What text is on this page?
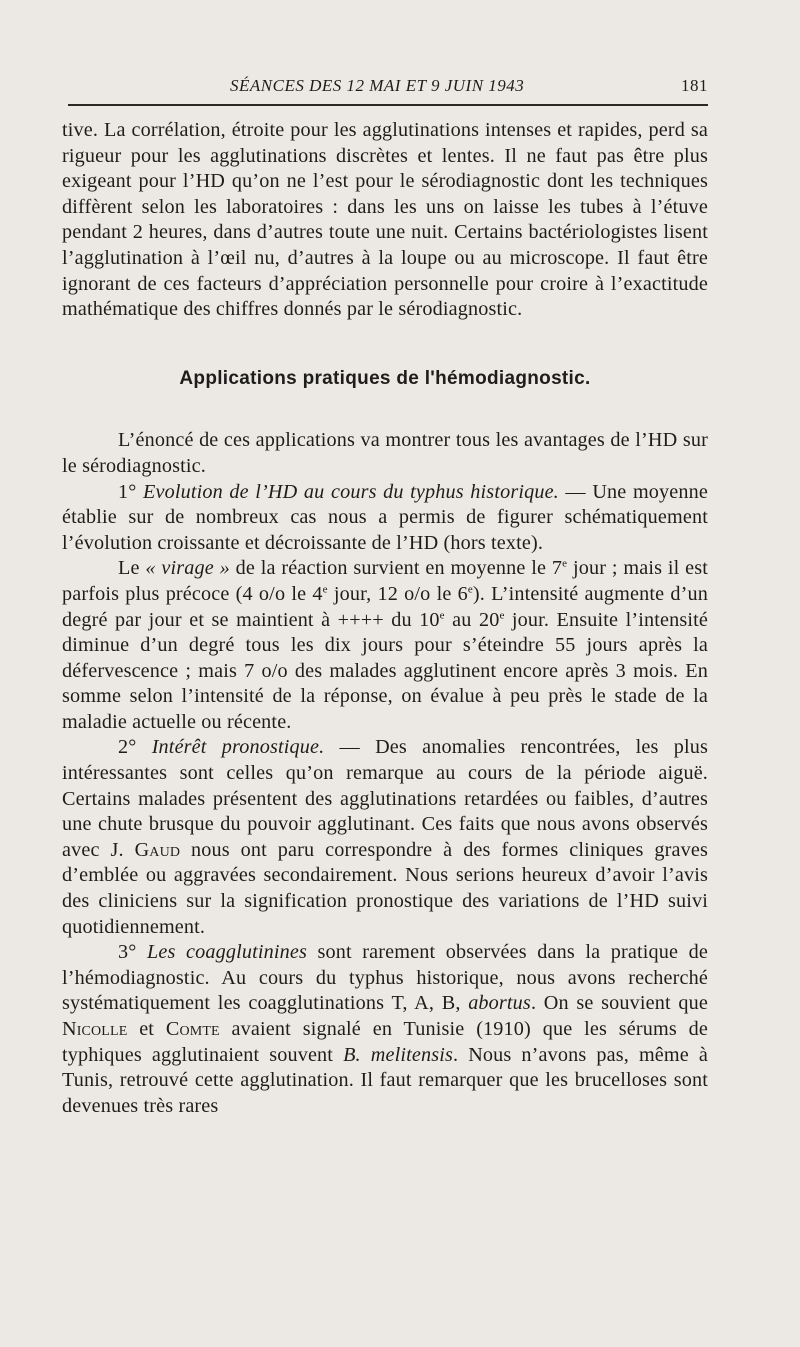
SÉANCES DES 12 MAI ET 9 JUIN 1943	181

tive. La corrélation, étroite pour les agglutinations intenses et rapides, perd sa rigueur pour les agglutinations discrètes et lentes. Il ne faut pas être plus exigeant pour l’HD qu’on ne l’est pour le sérodiagnostic dont les techniques diffèrent selon les laboratoires : dans les uns on laisse les tubes à l’étuve pendant 2 heures, dans d’autres toute une nuit. Certains bactériologistes lisent l’agglutination à l’œil nu, d’autres à la loupe ou au microscope. Il faut être ignorant de ces facteurs d’appréciation personnelle pour croire à l’exactitude mathématique des chiffres donnés par le sérodiagnostic.

Applications pratiques de l'hémodiagnostic.

L’énoncé de ces applications va montrer tous les avantages de l’HD sur le sérodiagnostic.

1° Evolution de l’HD au cours du typhus historique. — Une moyenne établie sur de nombreux cas nous a permis de figurer schématiquement l’évolution croissante et décroissante de l’HD (hors texte).

Le « virage » de la réaction survient en moyenne le 7e jour ; mais il est parfois plus précoce (4 o/o le 4e jour, 12 o/o le 6e). L’intensité augmente d’un degré par jour et se maintient à ++++ du 10e au 20e jour. Ensuite l’intensité diminue d’un degré tous les dix jours pour s’éteindre 55 jours après la défervescence ; mais 7 o/o des malades agglutinent encore après 3 mois. En somme selon l’intensité de la réponse, on évalue à peu près le stade de la maladie actuelle ou récente.

2° Intérêt pronostique. — Des anomalies rencontrées, les plus intéressantes sont celles qu’on remarque au cours de la période aiguë. Certains malades présentent des agglutinations retardées ou faibles, d’autres une chute brusque du pouvoir agglutinant. Ces faits que nous avons observés avec J. Gaud nous ont paru correspondre à des formes cliniques graves d’emblée ou aggravées secondairement. Nous serions heureux d’avoir l’avis des cliniciens sur la signification pronostique des variations de l’HD suivi quotidiennement.

3° Les coagglutinines sont rarement observées dans la pratique de l’hémodiagnostic. Au cours du typhus historique, nous avons recherché systématiquement les coagglutinations T, A, B, abortus. On se souvient que Nicolle et Comte avaient signalé en Tunisie (1910) que les sérums de typhiques agglutinaient souvent B. melitensis. Nous n’avons pas, même à Tunis, retrouvé cette agglutination. Il faut remarquer que les brucelloses sont devenues très rares
